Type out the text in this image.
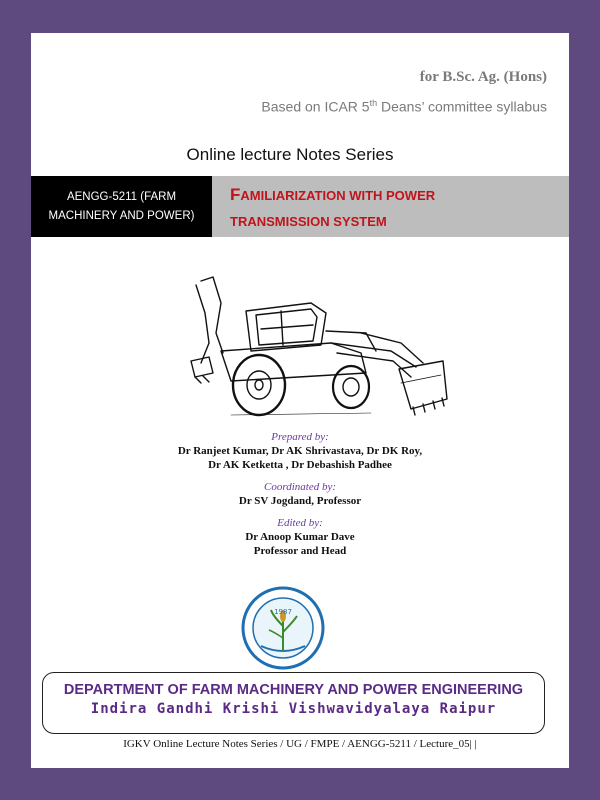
for B.Sc. Ag. (Hons)
Based on ICAR 5th Deans’ committee syllabus
Online lecture Notes Series
AENGG-5211 (FARM
MACHINERY AND POWER)
FAMILIARIZATION WITH POWER
TRANSMISSION SYSTEM
Prepared by:
Dr Ranjeet Kumar, Dr AK Shrivastava, Dr DK Roy,
Dr AK Ketketta , Dr Debashish Padhee
Coordinated by:
Dr SV Jogdand, Professor
Edited by:
Dr Anoop Kumar Dave
Professor and Head
1987
DEPARTMENT OF FARM MACHINERY AND POWER ENGINEERING
Indira Gandhi Krishi Vishwavidyalaya Raipur
IGKV Online Lecture Notes Series / UG / FMPE / AENGG-5211 / Lecture_05| |
